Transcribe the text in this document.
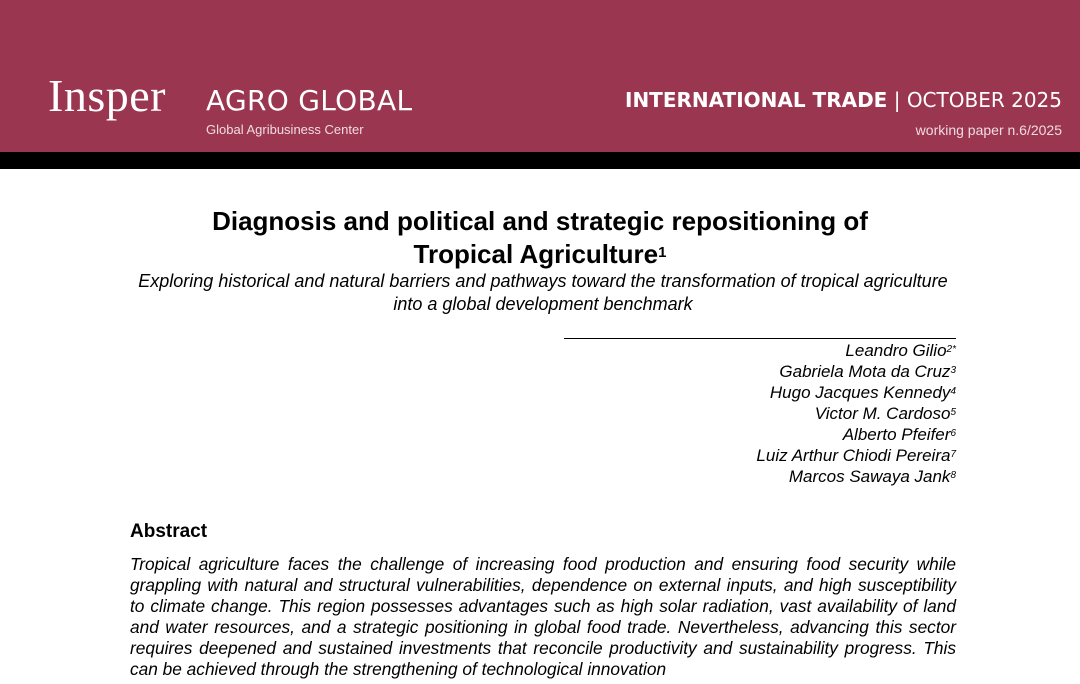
Insper AGRO GLOBAL
Global Agribusiness Center
INTERNATIONAL TRADE | OCTOBER 2025
working paper n.6/2025
Diagnosis and political and strategic repositioning of
Tropical Agriculture$^1$

Exploring historical and natural barriers and pathways toward the transformation of tropical agriculture into a global development benchmark

Leandro Gilio$^{2*}$
Gabriela Mota da Cruz$^3$
Hugo Jacques Kennedy$^4$
Victor M. Cardoso$^5$
Alberto Pfeifer$^6$
Luiz Arthur Chiodi Pereira$^7$
Marcos Sawaya Jank$^8$
Abstract

Tropical agriculture faces the challenge of increasing food production and ensuring food security while grappling with natural and structural vulnerabilities, dependence on external inputs, and high susceptibility to climate change. This region possesses advantages such as high solar radiation, vast availability of land and water resources, and a strategic positioning in global food trade. Nevertheless, advancing this sector requires deepened and sustained investments that reconcile productivity and sustainability progress. This can be achieved through the strengthening of technological innovation
